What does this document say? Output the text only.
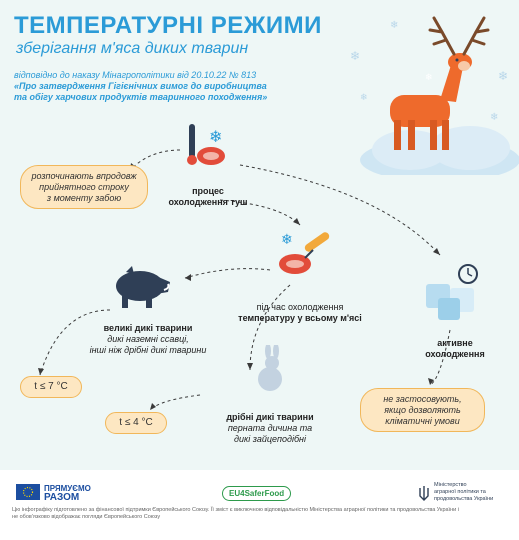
❄
❄
❄
❄
❄
❄
ТЕМПЕРАТУРНІ РЕЖИМИ
зберігання м'яса диких тварин
відповідно до наказу Мінагрополітики від 20.10.22 № 813
«Про затвердження Гігієнічних вимог до виробництва
та обігу харчових продуктів тваринного походження»
❄
процес
охолодження туш
розпочинають впродовж
прийнятного строку
з моменту забою
❄
під час охолодження
температуру у всьому м'ясі
великі дикі тварини
дикі наземні ссавці,
інші ніж дрібні дикі тварини
t ≤ 7 °C
дрібні дикі тварини
перната дичина та
дикі зайцеподібні
t ≤ 4 °C
активне
охолодження
не застосовують,
якщо дозволяють
кліматичні умови
ПРЯМУЄМО
РАЗОМ	EU4SaferFood
Міністерство
аграрної політики та
продовольства України
Цю інфографіку підготовлено за фінансової підтримки Європейського Союзу. Її зміст є виключною відповідальністю Міністерства аграрної політики та продовольства України і
не обов'язково відображає погляди Європейського Союзу
